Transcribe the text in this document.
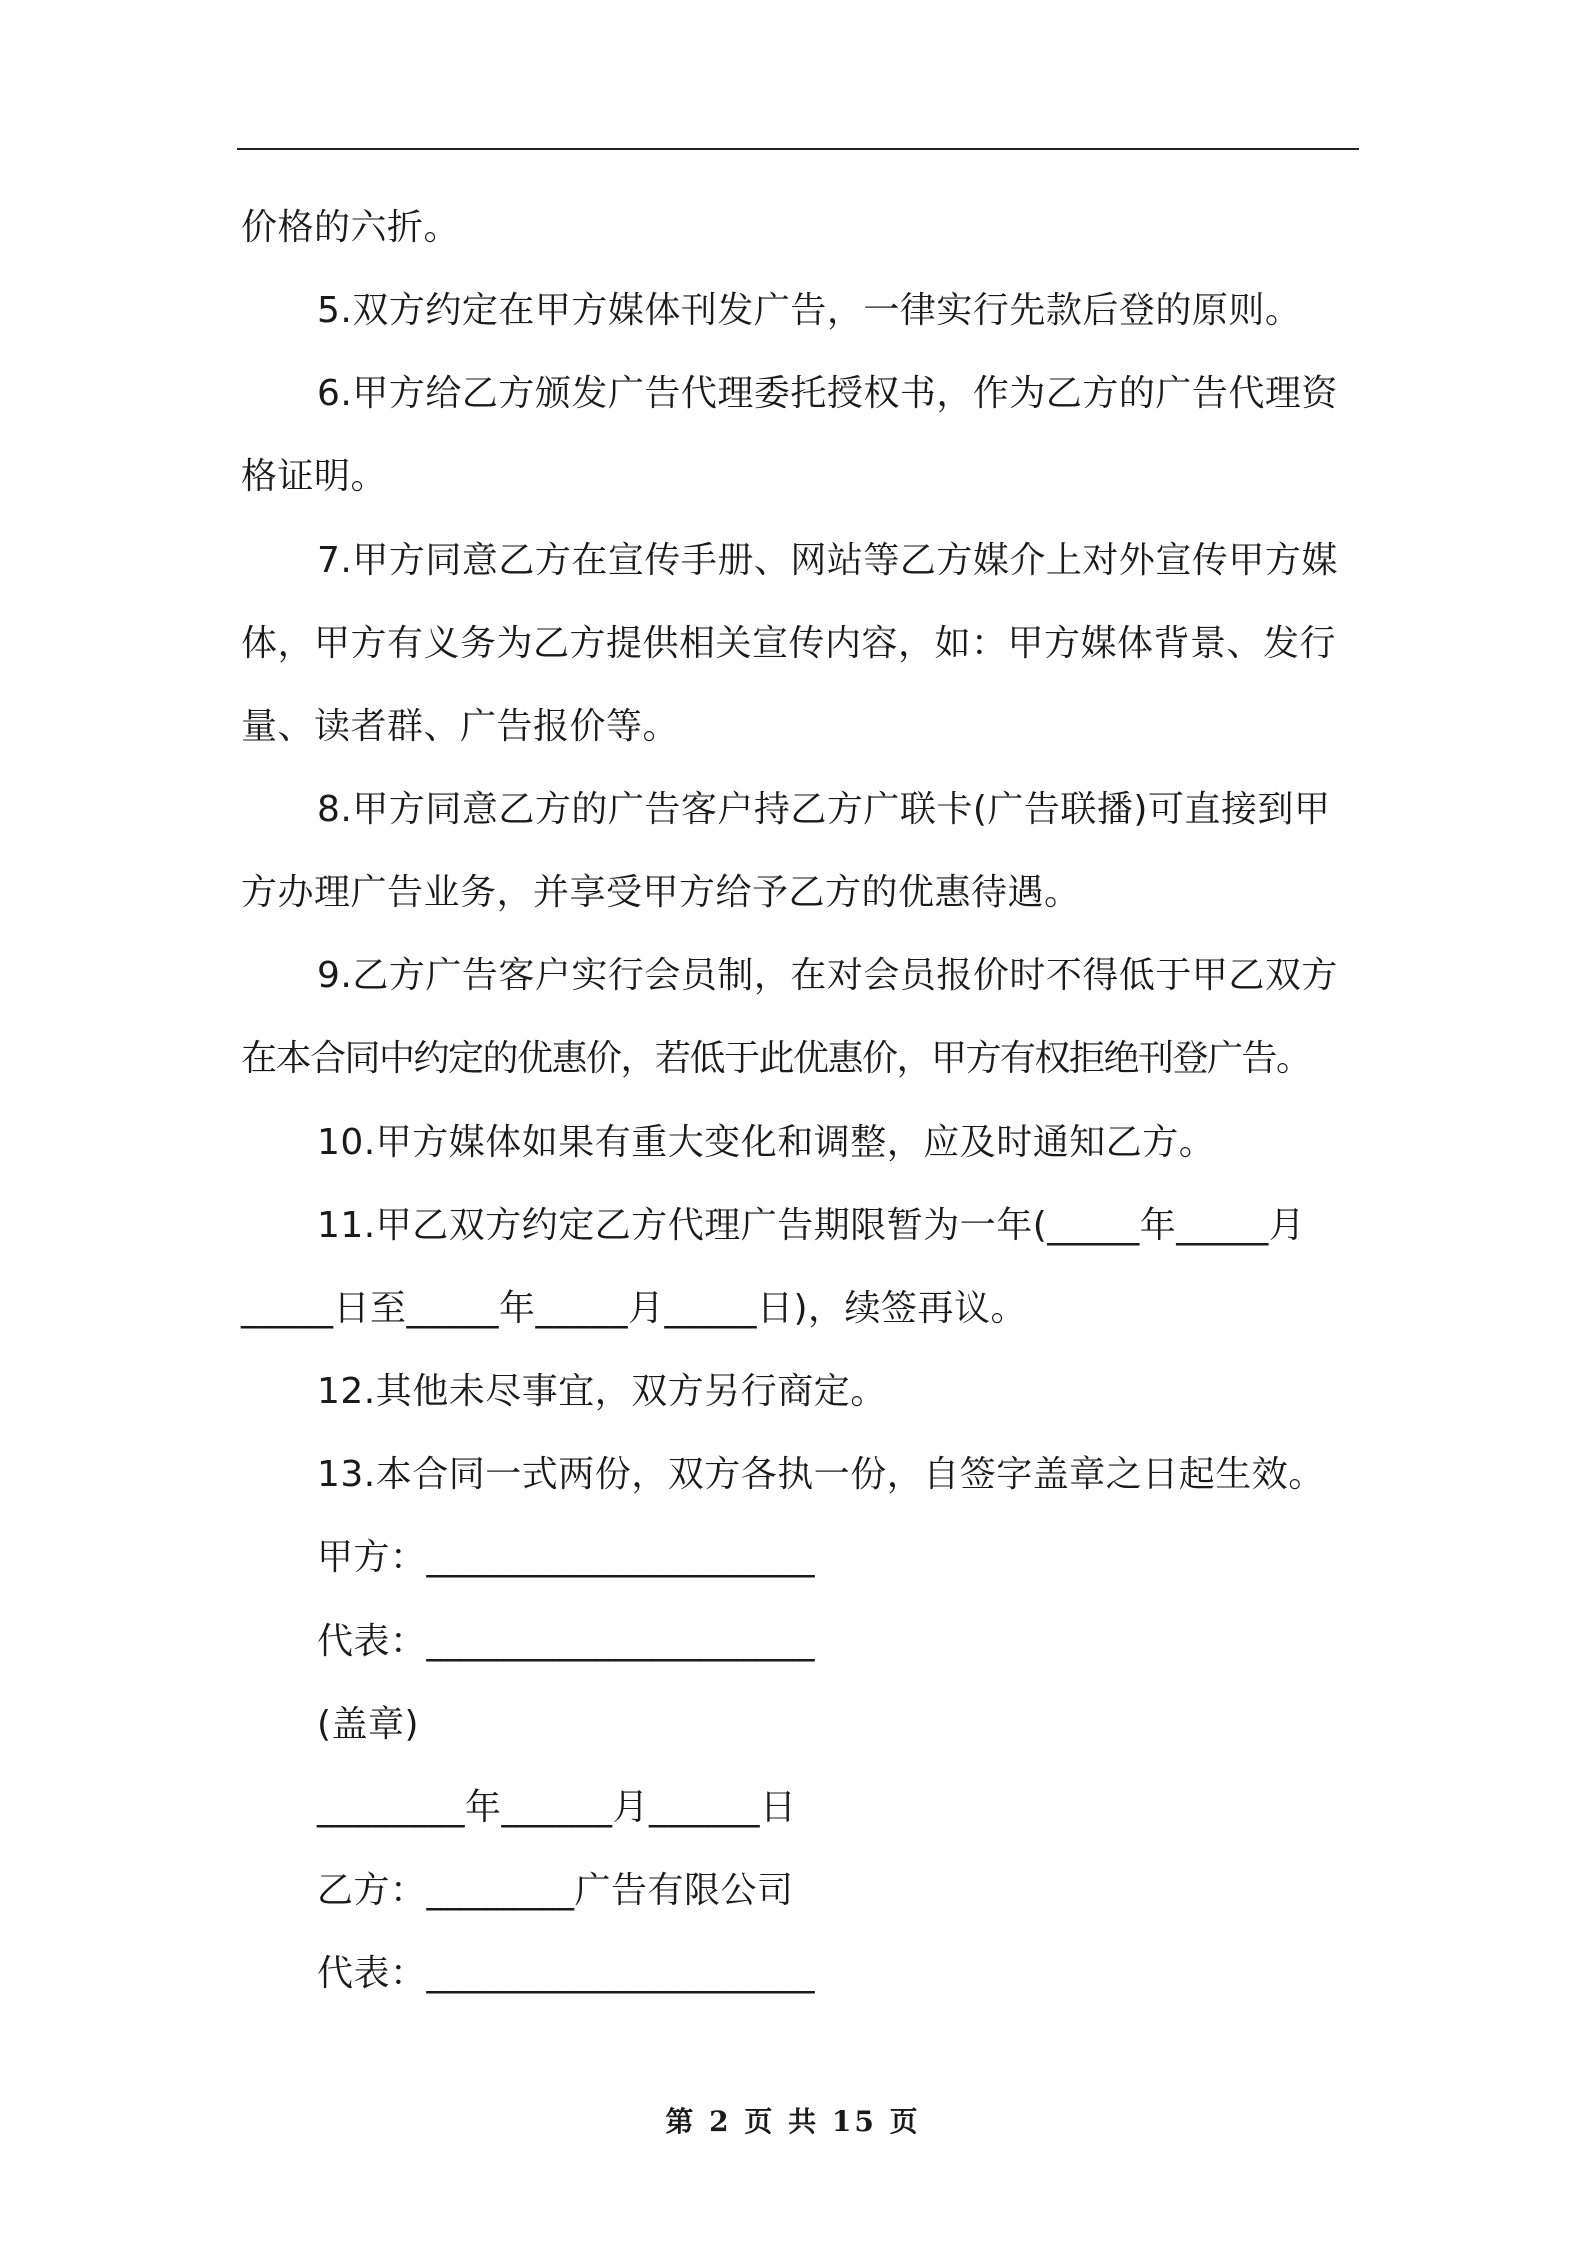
价格的六折。
5.双方约定在甲方媒体刊发广告，一律实行先款后登的原则。
6.甲方给乙方颁发广告代理委托授权书，作为乙方的广告代理资
格证明。
7.甲方同意乙方在宣传手册、网站等乙方媒介上对外宣传甲方媒
体，甲方有义务为乙方提供相关宣传内容，如：甲方媒体背景、发行
量、读者群、广告报价等。
8.甲方同意乙方的广告客户持乙方广联卡(广告联播)可直接到甲
方办理广告业务，并享受甲方给予乙方的优惠待遇。
9.乙方广告客户实行会员制，在对会员报价时不得低于甲乙双方
在本合同中约定的优惠价，若低于此优惠价，甲方有权拒绝刊登广告。
10.甲方媒体如果有重大变化和调整，应及时通知乙方。
11.甲乙双方约定乙方代理广告期限暂为一年(_____年_____月
_____日至_____年_____月_____日)，续签再议。
12.其他未尽事宜，双方另行商定。
13.本合同一式两份，双方各执一份，自签字盖章之日起生效。
甲方：_____________________
代表：_____________________
(盖章)
________年______月______日
乙方：________广告有限公司
代表：_____________________
第 2 页 共 15 页
